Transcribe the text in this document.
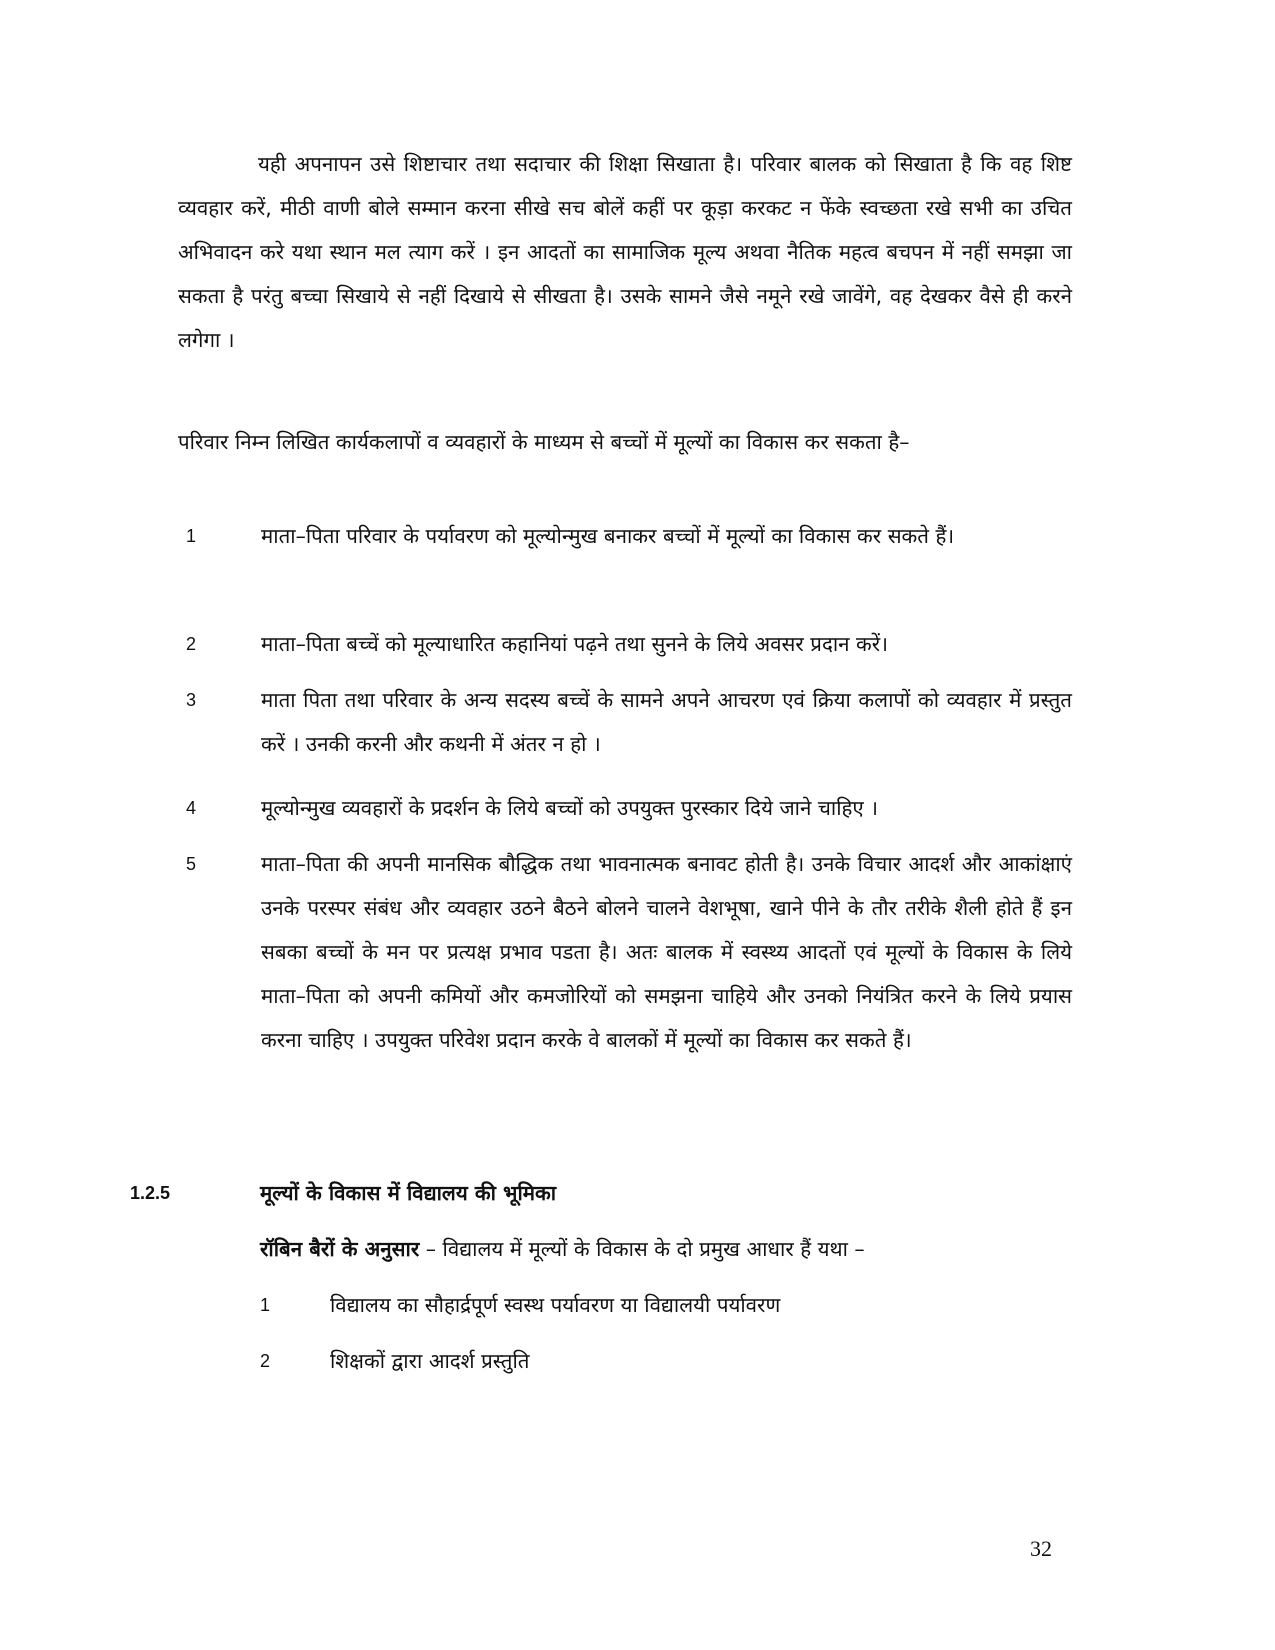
यही अपनापन उसे शिष्टाचार तथा सदाचार की शिक्षा सिखाता है। परिवार बालक को सिखाता है कि वह शिष्ट व्यवहार करें, मीठी वाणी बोले सम्मान करना सीखे सच बोलें कहीं पर कूड़ा करकट न फेंके स्वच्छता रखे सभी का उचित अभिवादन करे यथा स्थान मल त्याग करें । इन आदतों का सामाजिक मूल्य अथवा नैतिक महत्व बचपन में नहीं समझा जा सकता है परंतु बच्चा सिखाये से नहीं दिखाये से सीखता है। उसके सामने जैसे नमूने रखे जावेंगे, वह देखकर वैसे ही करने लगेगा ।

परिवार निम्न लिखित कार्यकलापों व व्यवहारों के माध्यम से बच्चों में मूल्यों का विकास कर सकता है–

1	माता–पिता परिवार के पर्यावरण को मूल्योन्मुख बनाकर बच्चों में मूल्यों का विकास कर सकते हैं।
2	माता–पिता बच्चें को मूल्याधारित कहानियां पढ़ने तथा सुनने के लिये अवसर प्रदान करें।
3	माता पिता तथा परिवार के अन्य सदस्य बच्चें के सामने अपने आचरण एवं क्रिया कलापों को व्यवहार में प्रस्तुत करें । उनकी करनी और कथनी में अंतर न हो ।
4	मूल्योन्मुख व्यवहारों के प्रदर्शन के लिये बच्चों को उपयुक्त पुरस्कार दिये जाने चाहिए ।
5	माता–पिता की अपनी मानसिक बौद्धिक तथा भावनात्मक बनावट होती है। उनके विचार आदर्श और आकांक्षाएं उनके परस्पर संबंध और व्यवहार उठने बैठने बोलने चालने वेशभूषा, खाने पीने के तौर तरीके शैली होते हैं इन सबका बच्चों के मन पर प्रत्यक्ष प्रभाव पडता है। अतः बालक में स्वस्थ्य आदतों एवं मूल्यों के विकास के लिये माता–पिता को अपनी कमियों और कमजोरियों को समझना चाहिये और उनको नियंत्रित करने के लिये प्रयास करना चाहिए । उपयुक्त परिवेश प्रदान करके वे बालकों में मूल्यों का विकास कर सकते हैं।
1.2.5	मूल्यों के विकास में विद्यालय की भूमिका
रॉबिन बैरों के अनुसार – विद्यालय में मूल्यों के विकास के दो प्रमुख आधार हैं यथा –
1	विद्यालय का सौहार्द्रपूर्ण स्वस्थ पर्यावरण या विद्यालयी पर्यावरण
2	शिक्षकों द्वारा आदर्श प्रस्तुति
32
